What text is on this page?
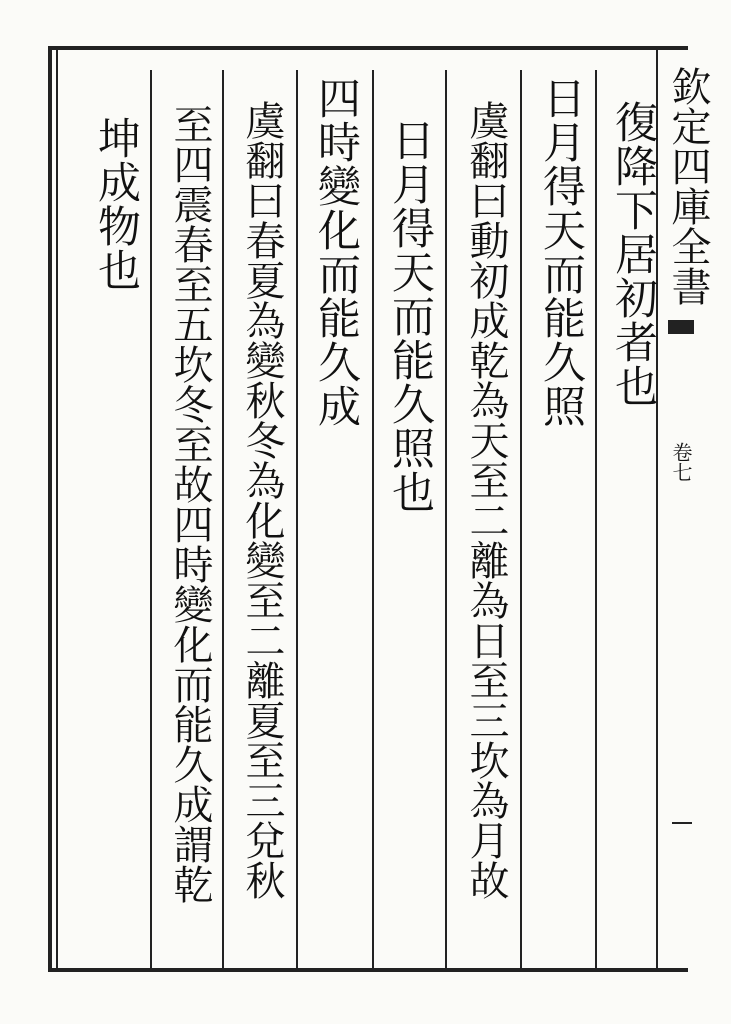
欽定四庫全書
卷七
復降下居初者也
日月得天而能久照
虞翻曰動初成乾為天至二離為日至三坎為月故
日月得天而能久照也
四時變化而能久成
虞翻曰春夏為變秋冬為化變至二離夏至三兌秋
至四震春至五坎冬至故四時變化而能久成謂乾
坤成物也
